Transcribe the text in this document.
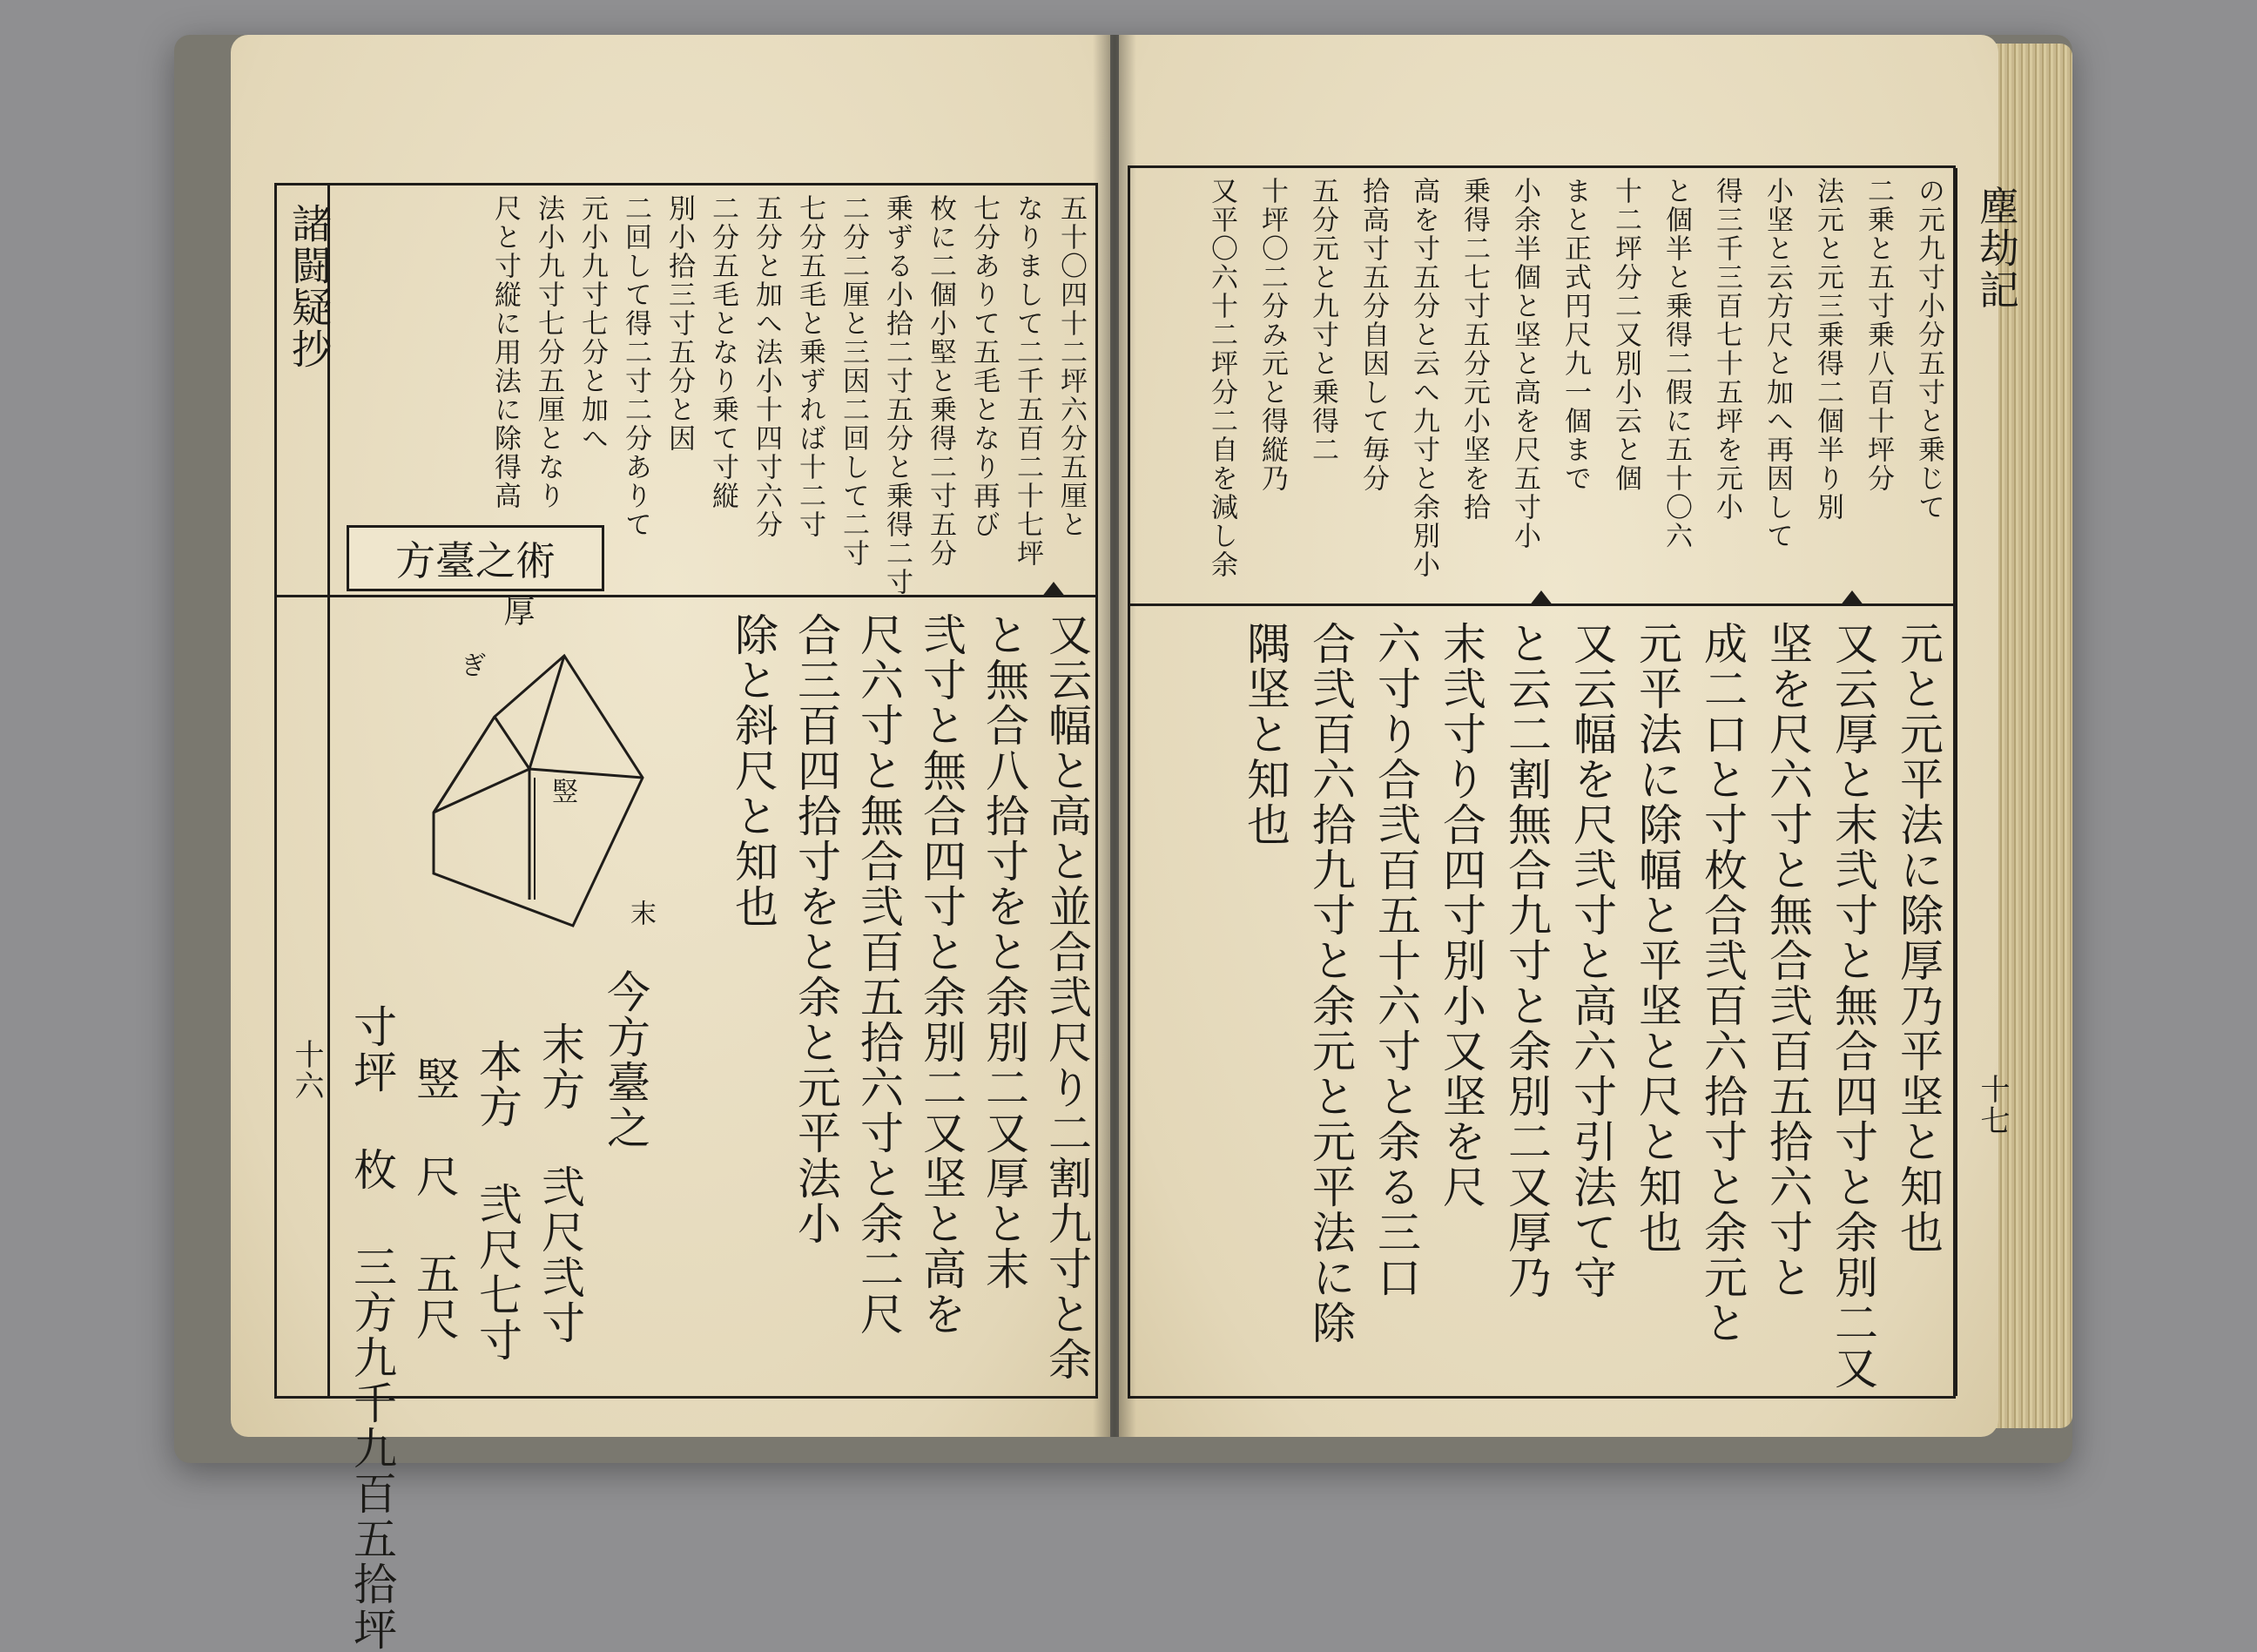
諸闘疑抄
十六
五十〇四十二坪六分五厘と
なりまして二千五百二十七坪
七分ありて五毛となり再び
枚に二個小堅と乗得二寸五分
乗ずる小拾二寸五分と乗得二寸
二分二厘と三因二回して二寸
七分五毛と乗ずれば十二寸
五分と加へ法小十四寸六分
二分五毛となり乗て寸縦
別小拾三寸五分と因
二回して得二寸二分ありて
元小九寸七分と加へ
法小九寸七分五厘となり
尺と寸縦に用法に除得高
方臺之術
又云幅と高と並合弐尺り二割九寸と余
と無合八拾寸をと余別二又厚と末
弐寸と無合四寸と余別二又坚と高を
尺六寸と無合弐百五拾六寸と余二尺
合三百四拾寸をと余と元平法小
除と斜尺と知也
厚
ぎ
竪
末
今方臺之
末方 弐尺弐寸
本方 弐尺七寸
竪 尺 五尺
寸坪 枚 三方九千九百五拾坪
塵劫記
十七
の元九寸小分五寸と乗じて
二乗と五寸乗八百十坪分
法元と元三乗得二個半り別
小坚と云方尺と加へ再因して
得三千三百七十五坪を元小
と個半と乗得二假に五十〇六
十二坪分二又別小云と個
まと正式円尺九一個まで
小余半個と坚と高を尺五寸小
乗得二七寸五分元小坚を拾
高を寸五分と云へ九寸と余別小
拾高寸五分自因して毎分
五分元と九寸と乗得二
十坪〇二分み元と得縦乃
又平〇六十二坪分二自を減し余
元と元平法に除厚乃平坚と知也
又云厚と末弐寸と無合四寸と余別二又
坚を尺六寸と無合弐百五拾六寸と
成二口と寸枚合弐百六拾寸と余元と
元平法に除幅と平坚と尺と知也
又云幅を尺弐寸と高六寸引法て守
と云二割無合九寸と余別二又厚乃
末弐寸り合四寸別小又坚を尺
六寸り合弐百五十六寸と余る三口
合弐百六拾九寸と余元と元平法に除
隅坚と知也
